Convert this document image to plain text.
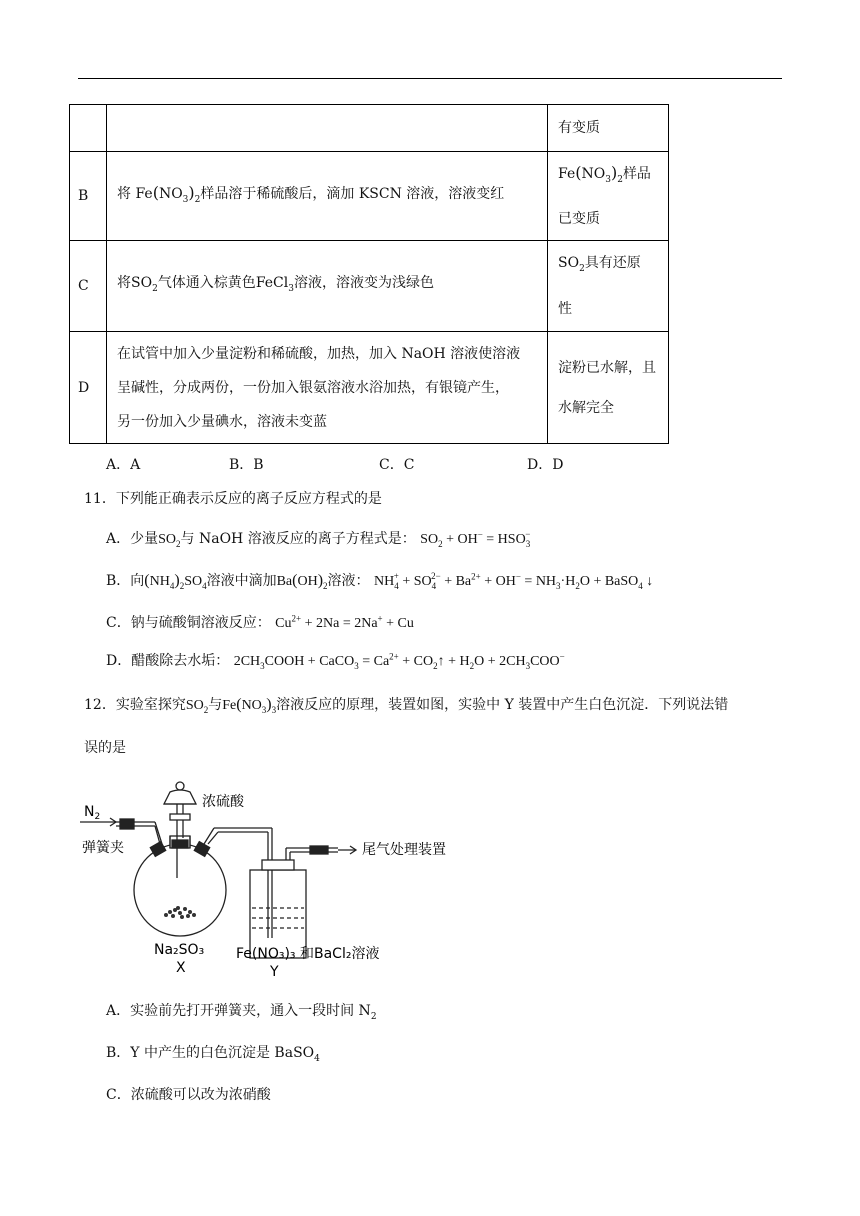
		有变质
B	将 $Fe(NO_3)_2$样品溶于稀硫酸后，滴加 KSCN 溶液，溶液变红	$Fe(NO_3)_2$样品
已变质
C	将$SO_2$气体通入棕黄色FeCl$_3$溶液，溶液变为浅绿色	$SO_2$具有还原
性
D	在试管中加入少量淀粉和稀硫酸，加热，加入 NaOH 溶液使溶液
呈碱性，分成两份，一份加入银氨溶液水浴加热，有银镜产生，
另一份加入少量碘水，溶液未变蓝	淀粉已水解，且
水解完全
A．A	B．B	C．C	D．D
11．下列能正确表示反应的离子反应方程式的是
A．少量$SO_2$与 NaOH 溶液反应的离子方程式是： $SO_2 + OH^- = HSO_3^-$
B．向$(NH_4)_2SO_4$溶液中滴加$Ba(OH)_2$溶液： $NH_4^+ + SO_4^{2-} + Ba^{2+} + OH^- = NH_3\cdot H_2O$ + BaSO$_4$ ↓
C．钠与硫酸铜溶液反应： $Cu^{2+} + 2Na = 2Na^+ + Cu$
D．醋酸除去水垢： $2CH_3COOH$ + CaCO$_3$ = $Ca^{2+}$ + $CO_2↑ + H_2O + 2CH_3COO^-$
12．实验室探究$SO_2$与$Fe(NO_3)_3$溶液反应的原理，装置如图，实验中 Y 装置中产生白色沉淀．下列说法错
误的是
$N_2$
弹簧夹
浓硫酸
尾气处理装置
Na₂SO₃
X
Fe(NO₃)₃ 和BaCl₂溶液
Y
A．实验前先打开弹簧夹，通入一段时间 $N_2$
B．Y 中产生的白色沉淀是 BaSO$_4$
C．浓硫酸可以改为浓硝酸
